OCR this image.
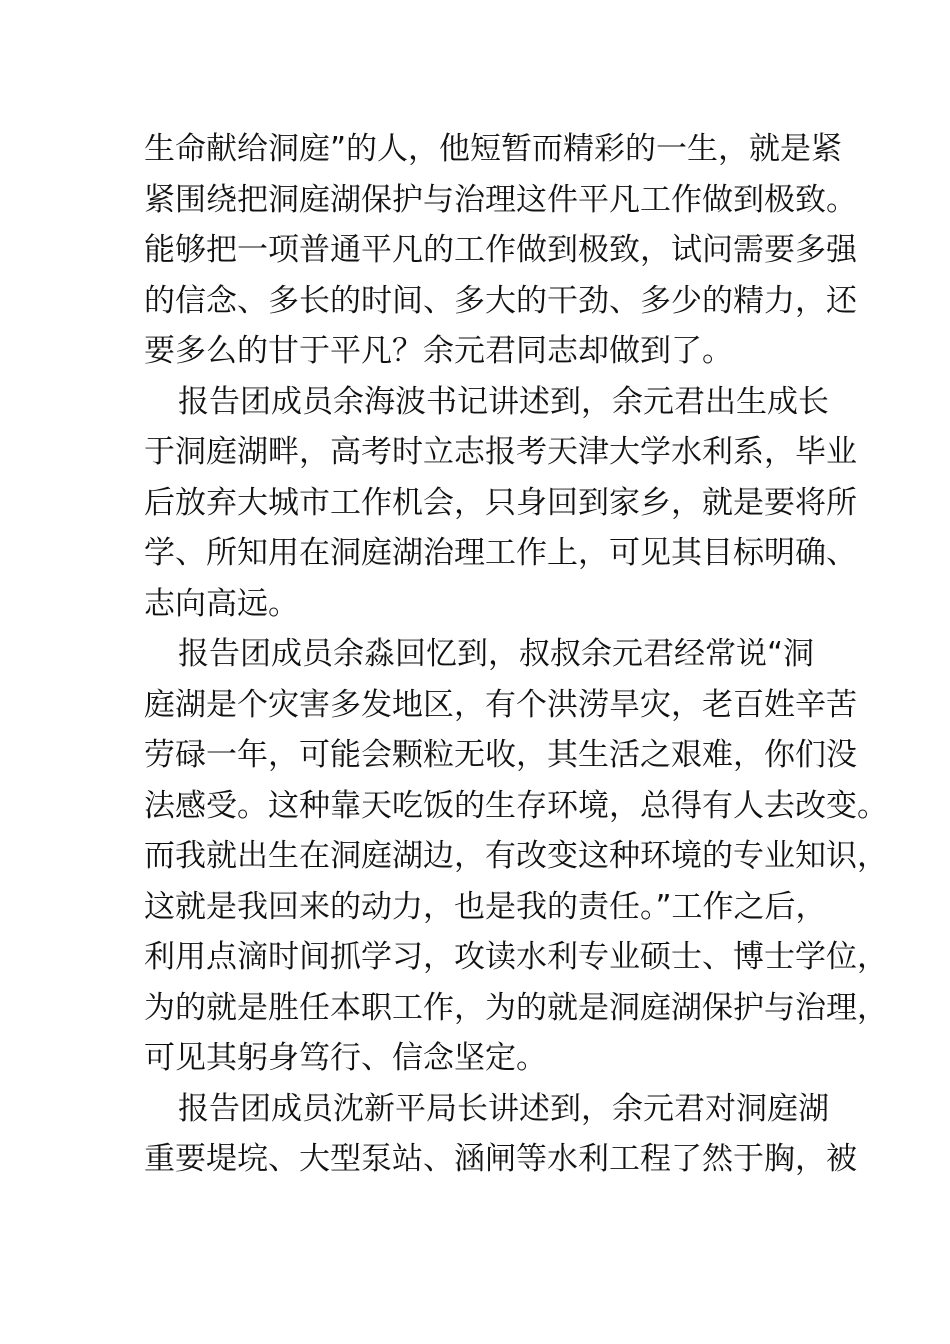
生命献给洞庭”的人，他短暂而精彩的一生，就是紧
紧围绕把洞庭湖保护与治理这件平凡工作做到极致。
能够把一项普通平凡的工作做到极致，试问需要多强
的信念、多长的时间、多大的干劲、多少的精力，还
要多么的甘于平凡？余元君同志却做到了。
报告团成员余海波书记讲述到，余元君出生成长
于洞庭湖畔，高考时立志报考天津大学水利系，毕业
后放弃大城市工作机会，只身回到家乡，就是要将所
学、所知用在洞庭湖治理工作上，可见其目标明确、
志向高远。
报告团成员余淼回忆到，叔叔余元君经常说“洞
庭湖是个灾害多发地区，有个洪涝旱灾，老百姓辛苦
劳碌一年，可能会颗粒无收，其生活之艰难，你们没
法感受。这种靠天吃饭的生存环境，总得有人去改变。
而我就出生在洞庭湖边，有改变这种环境的专业知识，
这就是我回来的动力，也是我的责任。”工作之后，
利用点滴时间抓学习，攻读水利专业硕士、博士学位，
为的就是胜任本职工作，为的就是洞庭湖保护与治理，
可见其躬身笃行、信念坚定。
报告团成员沈新平局长讲述到，余元君对洞庭湖
重要堤垸、大型泵站、涵闸等水利工程了然于胸，被
